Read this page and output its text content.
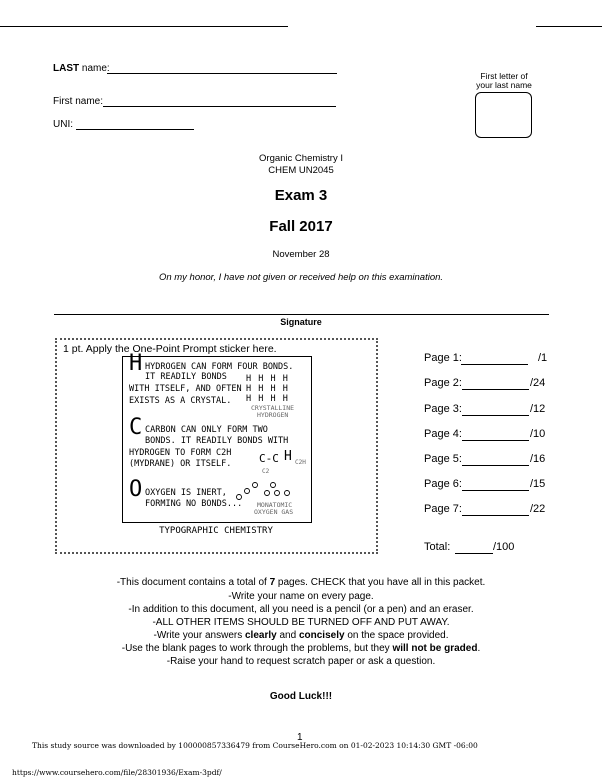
LAST name:
First name:
UNI:
First letter of
your last name
Organic Chemistry I
CHEM UN2045
Exam 3
Fall 2017
November 28
On my honor, I have not given or received help on this examination.
Signature
1 pt. Apply the One-Point Prompt sticker here.
H HYDROGEN CAN FORM FOUR BONDS.
IT READILY BONDS
WITH ITSELF, AND OFTEN
EXISTS AS A CRYSTAL.
H H H H
H H H H
H H H H
CRYSTALLINE
HYDROGEN
C CARBON CAN ONLY FORM TWO
BONDS. IT READILY BONDS WITH
HYDROGEN TO FORM C2H
(MYDRANE) OR ITSELF.	C-C
C2
H C2H
O OXYGEN IS INERT,
FORMING NO BONDS... MONATOMIC
OXYGEN GAS
TYPOGRAPHIC CHEMISTRY
Page 1:	/1
Page 2:	/24
Page 3:	/12
Page 4:	/10
Page 5:	/16
Page 6:	/15
Page 7:	/22
Total:	/100
-This document contains a total of 7 pages. CHECK that you have all in this packet.
-Write your name on every page.
-In addition to this document, all you need is a pencil (or a pen) and an eraser.
-ALL OTHER ITEMS SHOULD BE TURNED OFF AND PUT AWAY.
-Write your answers clearly and concisely on the space provided.
-Use the blank pages to work through the problems, but they will not be graded.
-Raise your hand to request scratch paper or ask a question.
Good Luck!!!
1
This study source was downloaded by 100000857336479 from CourseHero.com on 01-02-2023 10:14:30 GMT -06:00
https://www.coursehero.com/file/28301936/Exam-3pdf/
